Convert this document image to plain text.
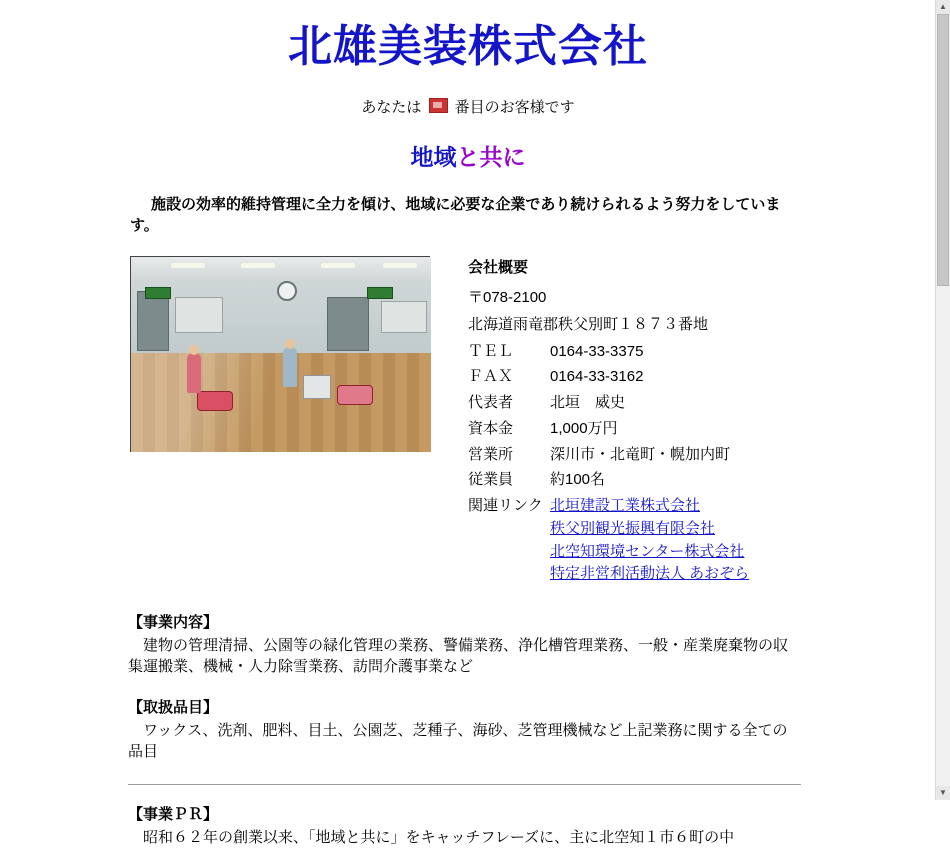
北雄美装株式会社
あなたは 番目のお客様です
地域と共に

施設の効率的維持管理に全力を傾け、地域に必要な企業であり続けられるよう努力をしています。

会社概要
〒078-2100	
北海道雨竜郡秩父別町１８７３番地	
ＴＥＬ	0164-33-3375
ＦＡＸ	0164-33-3162
代表者	北垣　威史
資本金	1,000万円
営業所	深川市・北竜町・幌加内町
従業員	約100名
関連リンク	北垣建設工業株式会社
秩父別観光振興有限会社
北空知環境センター株式会社
特定非営利活動法人 あおぞら
【事業内容】

建物の管理清掃、公園等の緑化管理の業務、警備業務、浄化槽管理業務、一般・産業廃棄物の収集運搬業、機械・人力除雪業務、訪問介護事業など

【取扱品目】

ワックス、洗剤、肥料、目土、公園芝、芝種子、海砂、芝管理機械など上記業務に関する全ての品目

【事業ＰＲ】

昭和６２年の創業以来、「地域と共に」をキャッチフレーズに、主に北空知１市６町の中

▲
▼
